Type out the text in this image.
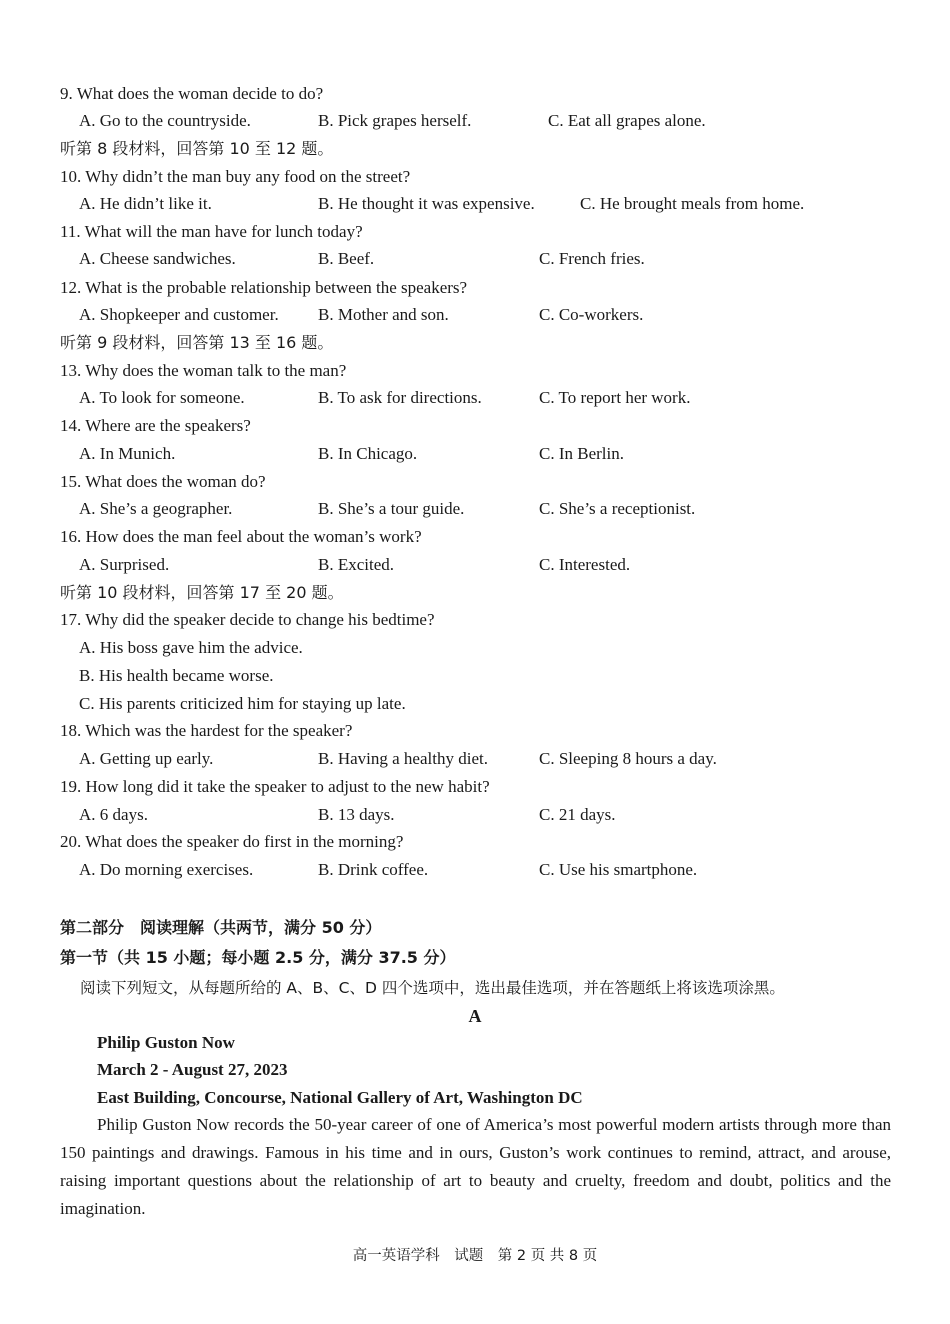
9. What does the woman decide to do?
A. Go to the countryside.	B. Pick grapes herself.	C. Eat all grapes alone.
听第 8 段材料，回答第 10 至 12 题。
10. Why didn’t the man buy any food on the street?
A. He didn’t like it.	B. He thought it was expensive.	C. He brought meals from home.
11. What will the man have for lunch today?
A. Cheese sandwiches.	B. Beef.	C. French fries.
12. What is the probable relationship between the speakers?
A. Shopkeeper and customer. B. Mother and son.	C. Co-workers.
听第 9 段材料，回答第 13 至 16 题。
13. Why does the woman talk to the man?
A. To look for someone.	B. To ask for directions.	C. To report her work.
14. Where are the speakers?
A. In Munich.	B. In Chicago.	C. In Berlin.
15. What does the woman do?
A. She’s a geographer.	B. She’s a tour guide.	C. She’s a receptionist.
16. How does the man feel about the woman’s work?
A. Surprised.	B. Excited.	C. Interested.
听第 10 段材料，回答第 17 至 20 题。
17. Why did the speaker decide to change his bedtime?
A. His boss gave him the advice.
B. His health became worse.
C. His parents criticized him for staying up late.
18. Which was the hardest for the speaker?
A. Getting up early.	B. Having a healthy diet.	C. Sleeping 8 hours a day.
19. How long did it take the speaker to adjust to the new habit?
A. 6 days.	B. 13 days.	C. 21 days.
20. What does the speaker do first in the morning?
A. Do morning exercises.	B. Drink coffee.	C. Use his smartphone.
第二部分　阅读理解（共两节，满分 50 分）
第一节（共 15 小题；每小题 2.5 分，满分 37.5 分）
阅读下列短文，从每题所给的 A、B、C、D 四个选项中，选出最佳选项，并在答题纸上将该选项涂黑。
A
Philip Guston Now
March 2 - August 27, 2023
East Building, Concourse, National Gallery of Art, Washington DC
Philip Guston Now records the 50-year career of one of America’s most powerful modern artists through more than 150 paintings and drawings. Famous in his time and in ours, Guston’s work continues to remind, attract, and arouse, raising important questions about the relationship of art to beauty and cruelty, freedom and doubt, politics and the imagination.
高一英语学科　试题　第 2 页 共 8 页
